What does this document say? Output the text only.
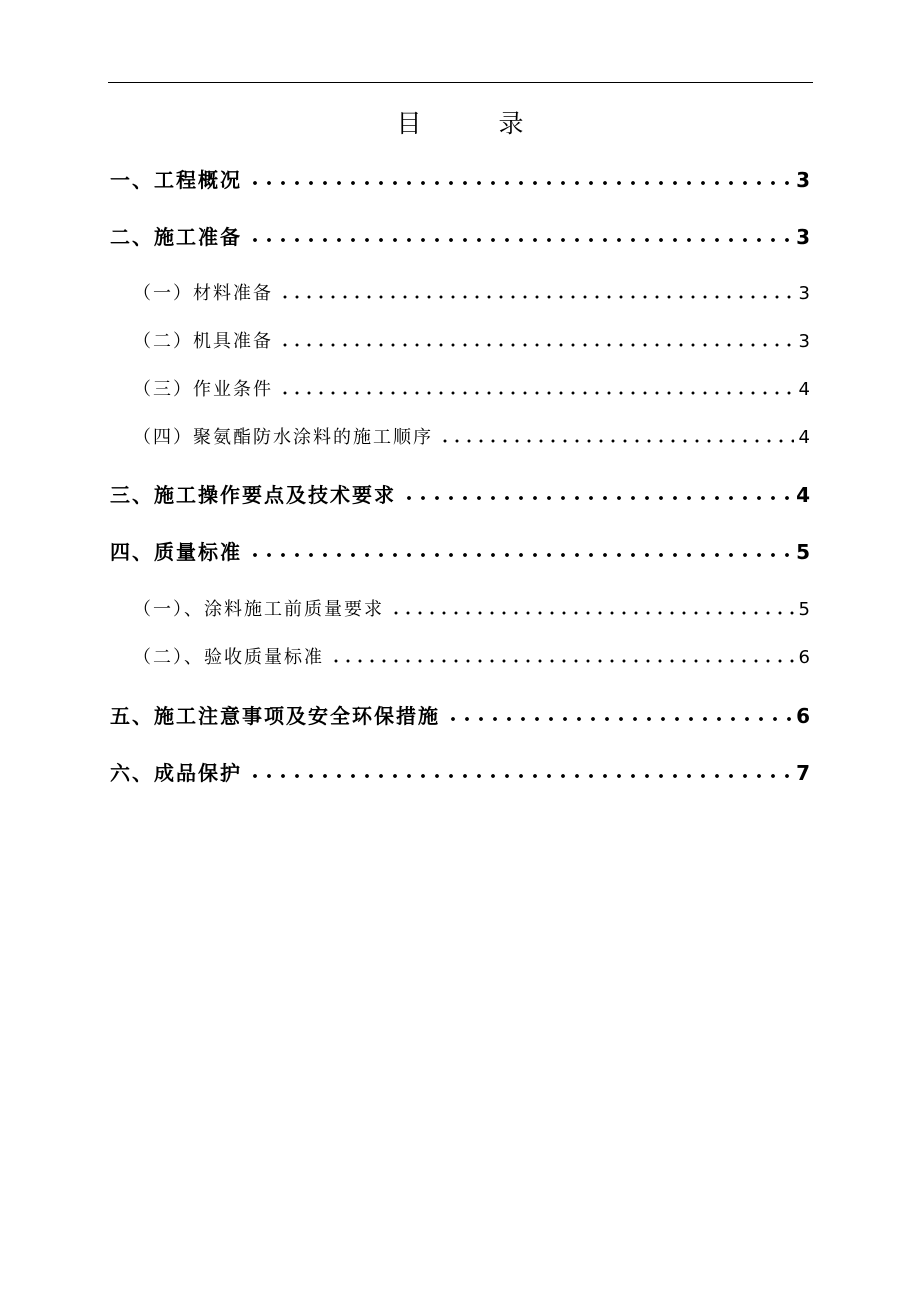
目　录
一、工程概况	3
二、施工准备	3
（一）材料准备	3
（二）机具准备	3
（三）作业条件	4
（四）聚氨酯防水涂料的施工顺序	4
三、施工操作要点及技术要求	4
四、质量标准	5
（一）、涂料施工前质量要求	5
（二）、验收质量标准	6
五、施工注意事项及安全环保措施	6
六、成品保护	7
